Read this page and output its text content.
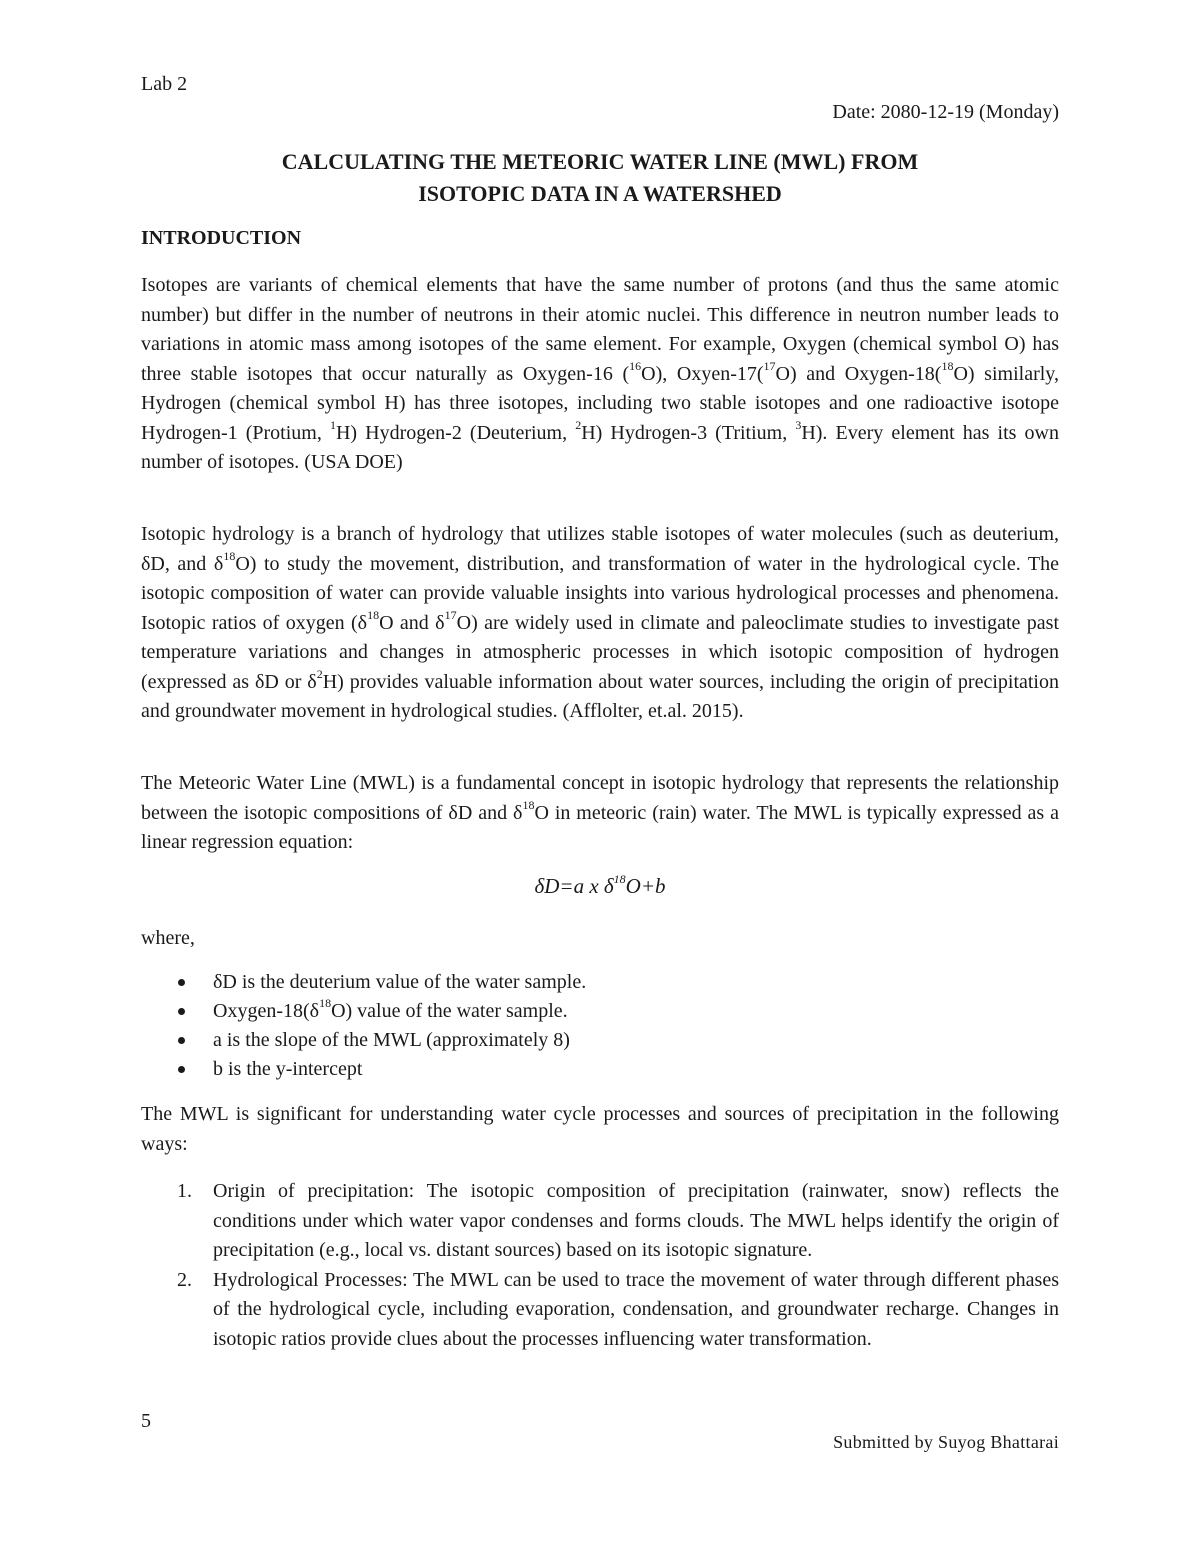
Lab 2
Date: 2080-12-19 (Monday)
CALCULATING THE METEORIC WATER LINE (MWL) FROM
ISOTOPIC DATA IN A WATERSHED
INTRODUCTION
Isotopes are variants of chemical elements that have the same number of protons (and thus the same atomic number) but differ in the number of neutrons in their atomic nuclei. This difference in neutron number leads to variations in atomic mass among isotopes of the same element. For example, Oxygen (chemical symbol O) has three stable isotopes that occur naturally as Oxygen-16 ($^{16}$O), Oxyen-17($^{17}$O) and Oxygen-18($^{18}$O) similarly, Hydrogen (chemical symbol H) has three isotopes, including two stable isotopes and one radioactive isotope Hydrogen-1 (Protium, $^1$H) Hydrogen-2 (Deuterium, $^2$H) Hydrogen-3 (Tritium, $^3$H). Every element has its own number of isotopes. (USA DOE)
Isotopic hydrology is a branch of hydrology that utilizes stable isotopes of water molecules (such as deuterium, δD, and $\delta^{18}O$) to study the movement, distribution, and transformation of water in the hydrological cycle. The isotopic composition of water can provide valuable insights into various hydrological processes and phenomena. Isotopic ratios of oxygen ($\delta^{18}O$ and $\delta^{17}O$) are widely used in climate and paleoclimate studies to investigate past temperature variations and changes in atmospheric processes in which isotopic composition of hydrogen (expressed as δD or $\delta^2H$) provides valuable information about water sources, including the origin of precipitation and groundwater movement in hydrological studies. (Afflolter, et.al. 2015).
The Meteoric Water Line (MWL) is a fundamental concept in isotopic hydrology that represents the relationship between the isotopic compositions of δD and $\delta^{18}O$ in meteoric (rain) water. The MWL is typically expressed as a linear regression equation:
δD=a x $\delta^{18}O+b$
where,
δD is the deuterium value of the water sample.
Oxygen-$18(\delta^{18}O)$ value of the water sample.
a is the slope of the MWL (approximately 8)
b is the y-intercept
The MWL is significant for understanding water cycle processes and sources of precipitation in the following ways:
1. Origin of precipitation: The isotopic composition of precipitation (rainwater, snow) reflects the conditions under which water vapor condenses and forms clouds. The MWL helps identify the origin of precipitation (e.g., local vs. distant sources) based on its isotopic signature.
2. Hydrological Processes: The MWL can be used to trace the movement of water through different phases of the hydrological cycle, including evaporation, condensation, and groundwater recharge. Changes in isotopic ratios provide clues about the processes influencing water transformation.
5
Submitted by Suyog Bhattarai
